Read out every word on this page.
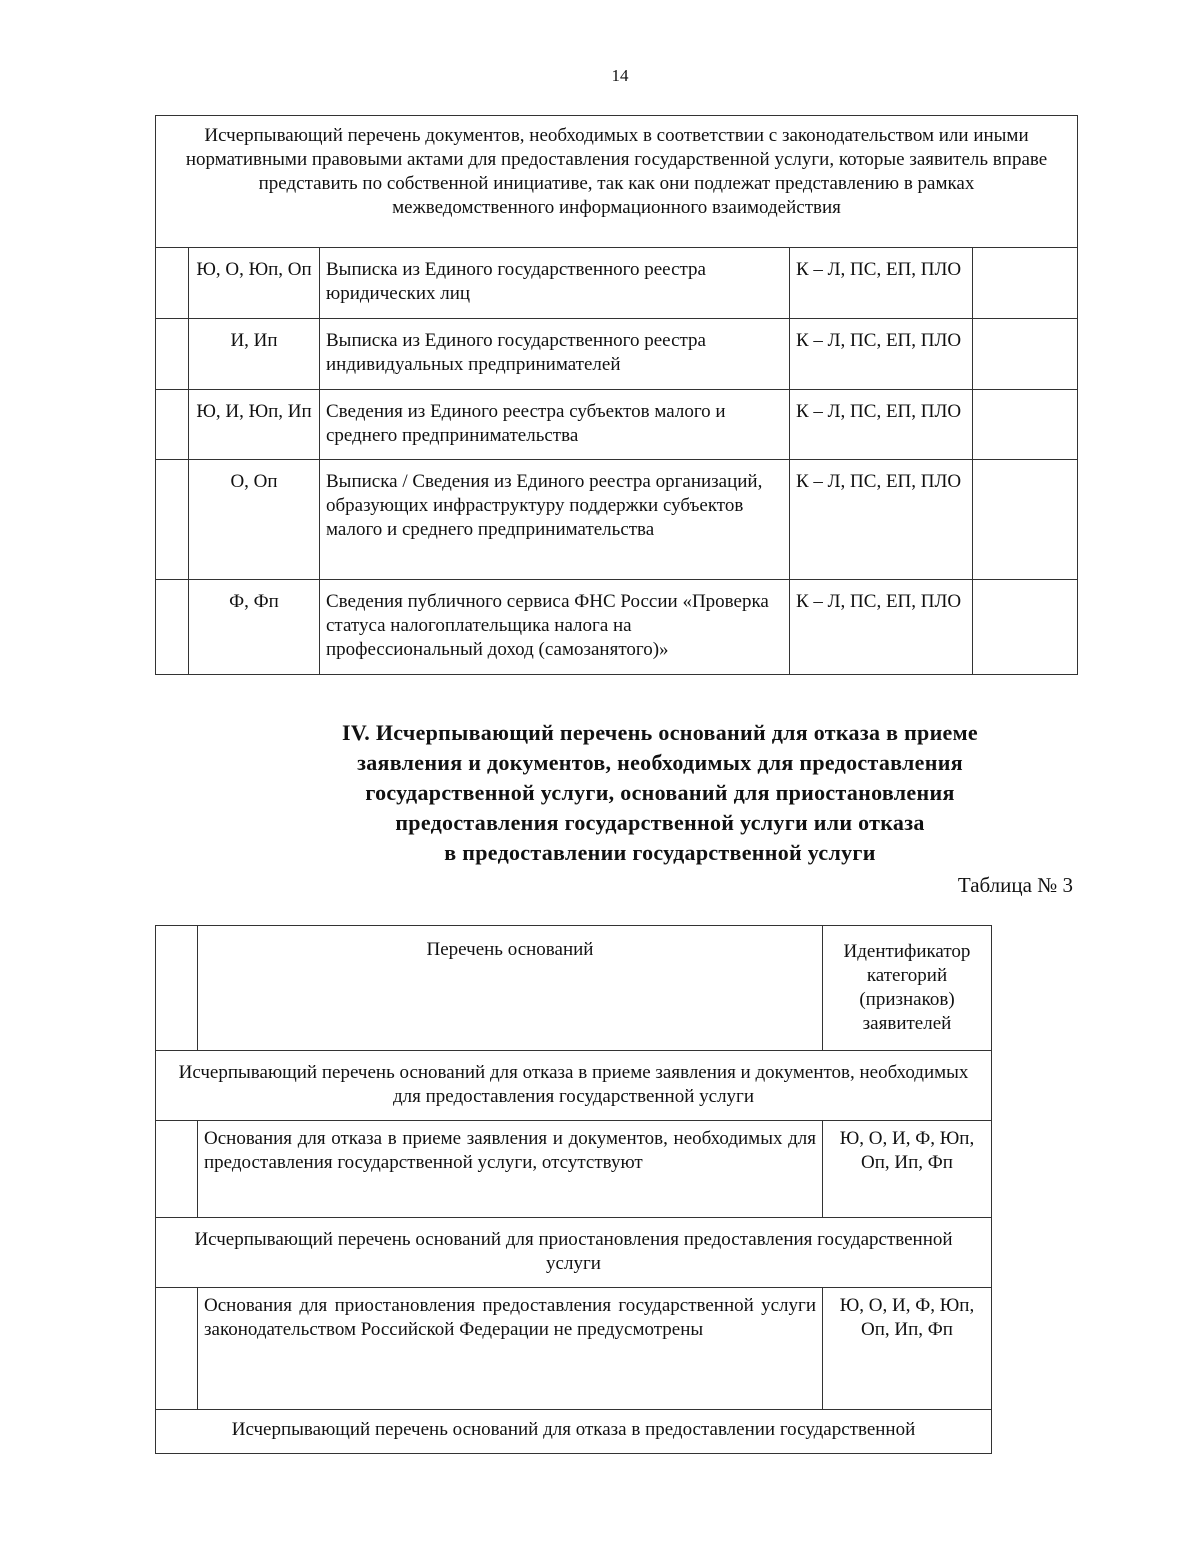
14
Исчерпывающий перечень документов, необходимых в соответствии с законодательством или иными нормативными правовыми актами для предоставления государственной услуги, которые заявитель вправе представить по собственной инициативе, так как они подлежат представлению в рамках межведомственного информационного взаимодействия				
	Ю, О, Юп, Оп	Выписка из Единого государственного реестра юридических лиц	К – Л, ПС, ЕП, ПЛО	
	И, Ип	Выписка из Единого государственного реестра индивидуальных предпринимателей	К – Л, ПС, ЕП, ПЛО	
	Ю, И, Юп, Ип	Сведения из Единого реестра субъектов малого и среднего предпринимательства	К – Л, ПС, ЕП, ПЛО	
	О, Оп	Выписка / Сведения из Единого реестра организаций, образующих инфраструктуру поддержки субъектов малого и среднего предпринимательства	К – Л, ПС, ЕП, ПЛО	
	Ф, Фп	Сведения публичного сервиса ФНС России «Проверка статуса налогоплательщика налога на профессиональный доход (самозанятого)»	К – Л, ПС, ЕП, ПЛО	
IV. Исчерпывающий перечень оснований для отказа в приеме
заявления и документов, необходимых для предоставления
государственной услуги, оснований для приостановления
предоставления государственной услуги или отказа
в предоставлении государственной услуги
Таблица № 3
	Перечень оснований	Идентификатор категорий (признаков) заявителей
Исчерпывающий перечень оснований для отказа в приеме заявления и документов, необходимых для предоставления государственной услуги		
	Основания для отказа в приеме заявления и документов, необходимых для предоставления государственной услуги, отсутствуют	Ю, О, И, Ф, Юп, Оп, Ип, Фп
Исчерпывающий перечень оснований для приостановления предоставления государственной услуги		
	Основания для приостановления предоставления государственной услуги законодательством Российской Федерации не предусмотрены	Ю, О, И, Ф, Юп, Оп, Ип, Фп
Исчерпывающий перечень оснований для отказа в предоставлении государственной		
